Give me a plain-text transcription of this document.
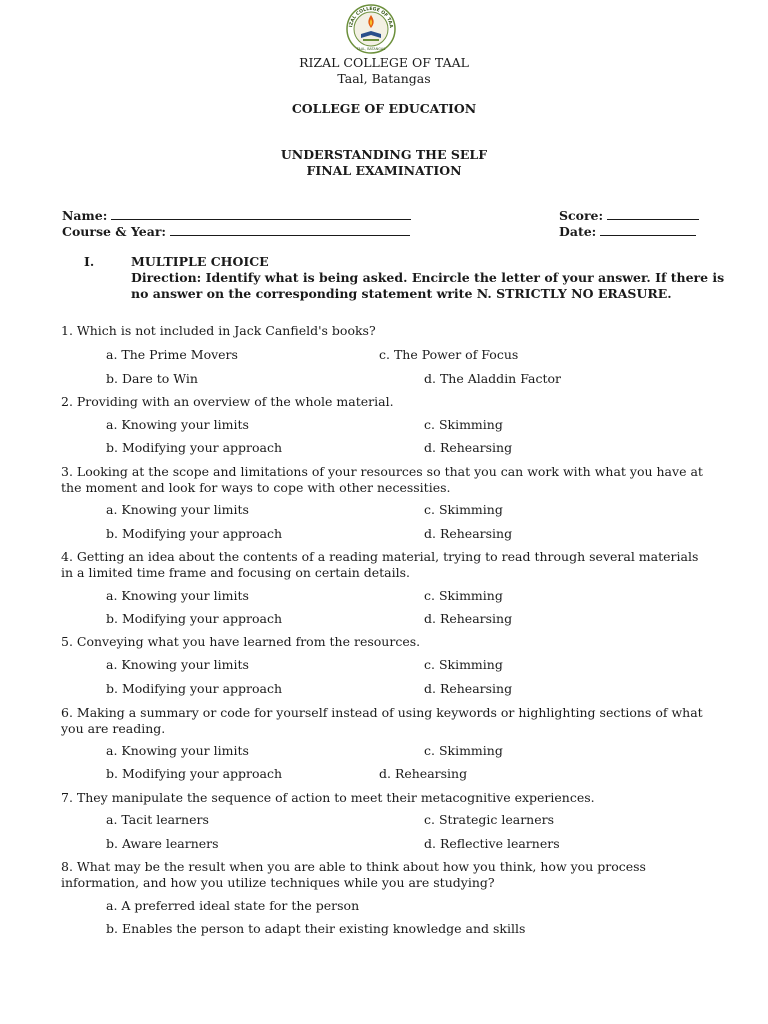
IZAL COLLEGE OF TAA
TAAL, BATANGAS
RIZAL COLLEGE OF TAAL
Taal, Batangas
COLLEGE OF EDUCATION
UNDERSTANDING THE SELF
FINAL EXAMINATION
Name:
Course & Year:
Score:
Date:
I.	MULTIPLE CHOICE
Direction: Identify what is being asked. Encircle the letter of your answer. If there is
no answer on the corresponding statement write N. STRICTLY NO ERASURE.
1. Which is not included in Jack Canfield's books?
a. The Prime Movers	c. The Power of Focus
b. Dare to Win	d. The Aladdin Factor
2. Providing with an overview of the whole material.
a. Knowing your limits	c. Skimming
b. Modifying your approach	d. Rehearsing
3. Looking at the scope and limitations of your resources so that you can work with what you have at the moment and look for ways to cope with other necessities.
a. Knowing your limits	c. Skimming
b. Modifying your approach	d. Rehearsing
4. Getting an idea about the contents of a reading material, trying to read through several materials in a limited time frame and focusing on certain details.
a. Knowing your limits	c. Skimming
b. Modifying your approach	d. Rehearsing
5. Conveying what you have learned from the resources.
a. Knowing your limits	c. Skimming
b. Modifying your approach	d. Rehearsing
6. Making a summary or code for yourself instead of using keywords or highlighting sections of what you are reading.
a. Knowing your limits	c. Skimming
b. Modifying your approach	d. Rehearsing
7. They manipulate the sequence of action to meet their metacognitive experiences.
a. Tacit learners	c. Strategic learners
b. Aware learners	d. Reflective learners
8. What may be the result when you are able to think about how you think, how you process information, and how you utilize techniques while you are studying?
a. A preferred ideal state for the person
b. Enables the person to adapt their existing knowledge and skills
